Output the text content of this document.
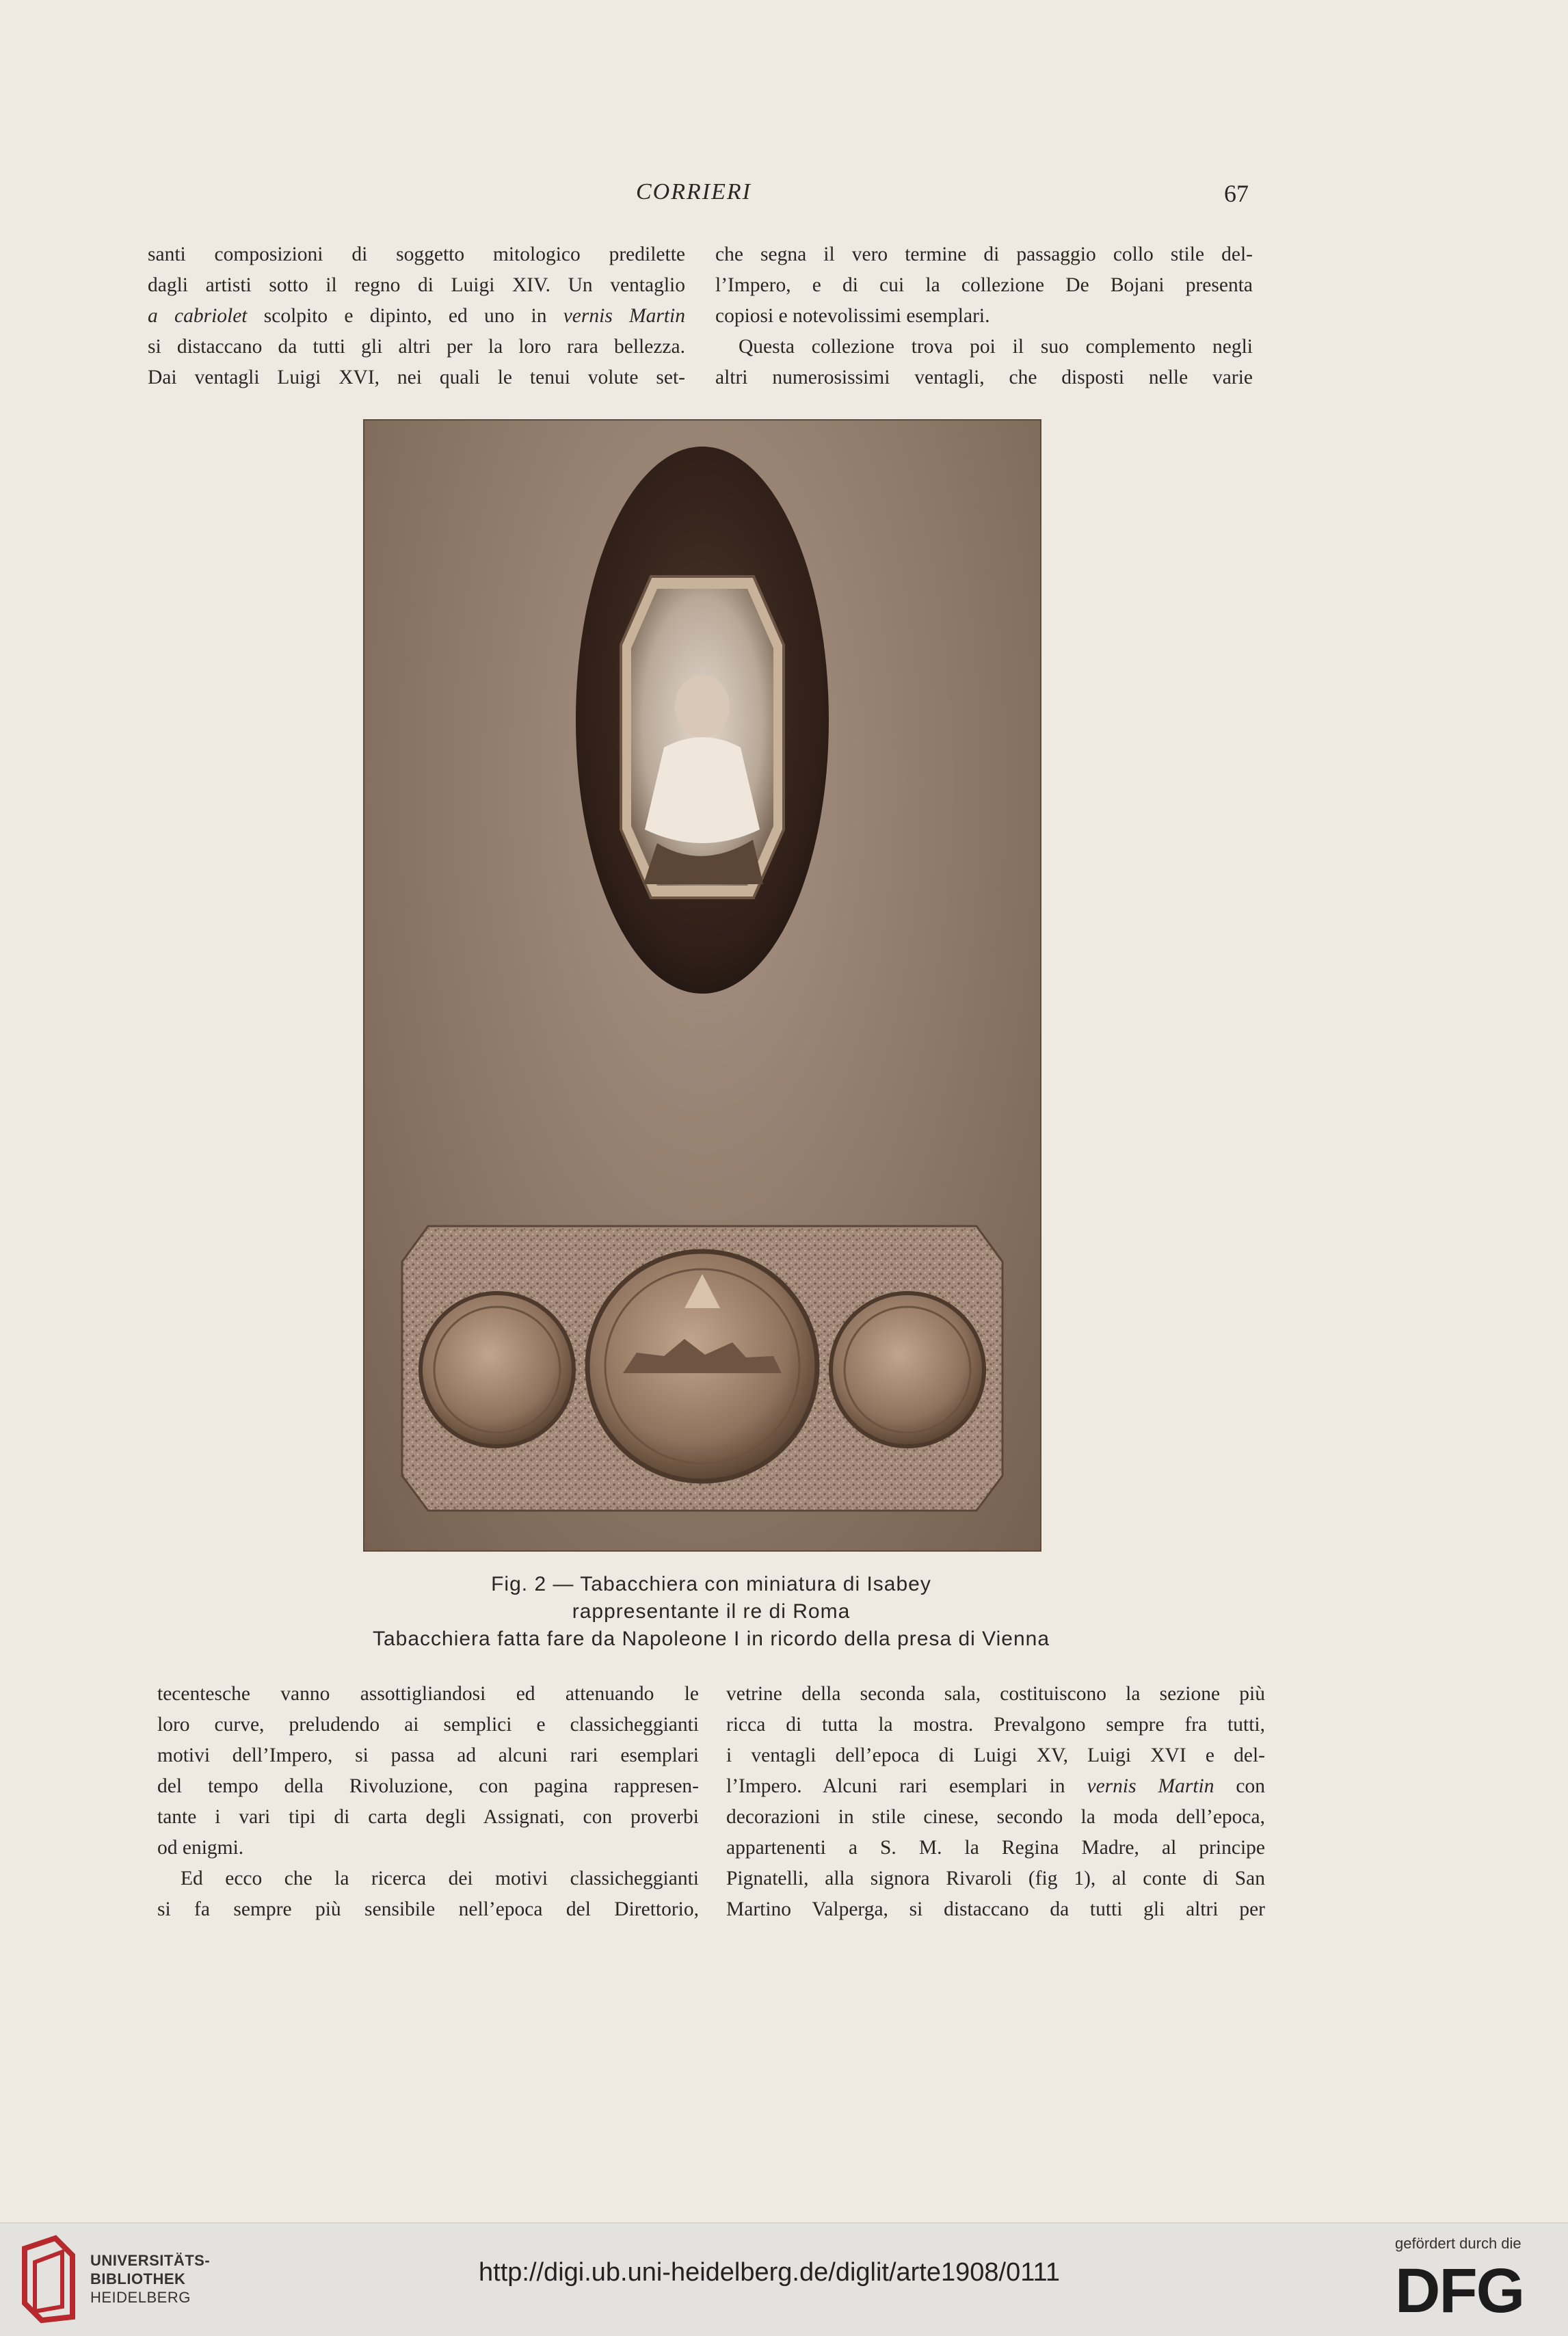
CORRIERI	67
santi composizioni di soggetto mitologico predilette
dagli artisti sotto il regno di Luigi XIV. Un ventaglio
a cabriolet scolpito e dipinto, ed uno in vernis Martin
si distaccano da tutti gli altri per la loro rara bellezza.
Dai ventagli Luigi XVI, nei quali le tenui volute set-
che segna il vero termine di passaggio collo stile del-
l’Impero, e di cui la collezione De Bojani presenta
copiosi e notevolissimi esemplari.
Questa collezione trova poi il suo complemento negli
altri numerosissimi ventagli, che disposti nelle varie
Fig. 2 — Tabacchiera con miniatura di Isabey
rappresentante il re di Roma
Tabacchiera fatta fare da Napoleone I in ricordo della presa di Vienna
tecentesche vanno assottigliandosi ed attenuando le
loro curve, preludendo ai semplici e classicheggianti
motivi dell’Impero, si passa ad alcuni rari esemplari
del tempo della Rivoluzione, con pagina rappresen-
tante i vari tipi di carta degli Assignati, con proverbi
od enigmi.
Ed ecco che la ricerca dei motivi classicheggianti
si fa sempre più sensibile nell’epoca del Direttorio,
vetrine della seconda sala, costituiscono la sezione più
ricca di tutta la mostra. Prevalgono sempre fra tutti,
i ventagli dell’epoca di Luigi XV, Luigi XVI e del-
l’Impero. Alcuni rari esemplari in vernis Martin con
decorazioni in stile cinese, secondo la moda dell’epoca,
appartenenti a S. M. la Regina Madre, al principe
Pignatelli, alla signora Rivaroli (fig 1), al conte di San
Martino Valperga, si distaccano da tutti gli altri per
UNIVERSITÄTS-
BIBLIOTHEK
HEIDELBERG
http://digi.ub.uni-heidelberg.de/diglit/arte1908/0111
gefördert durch die
DFG
